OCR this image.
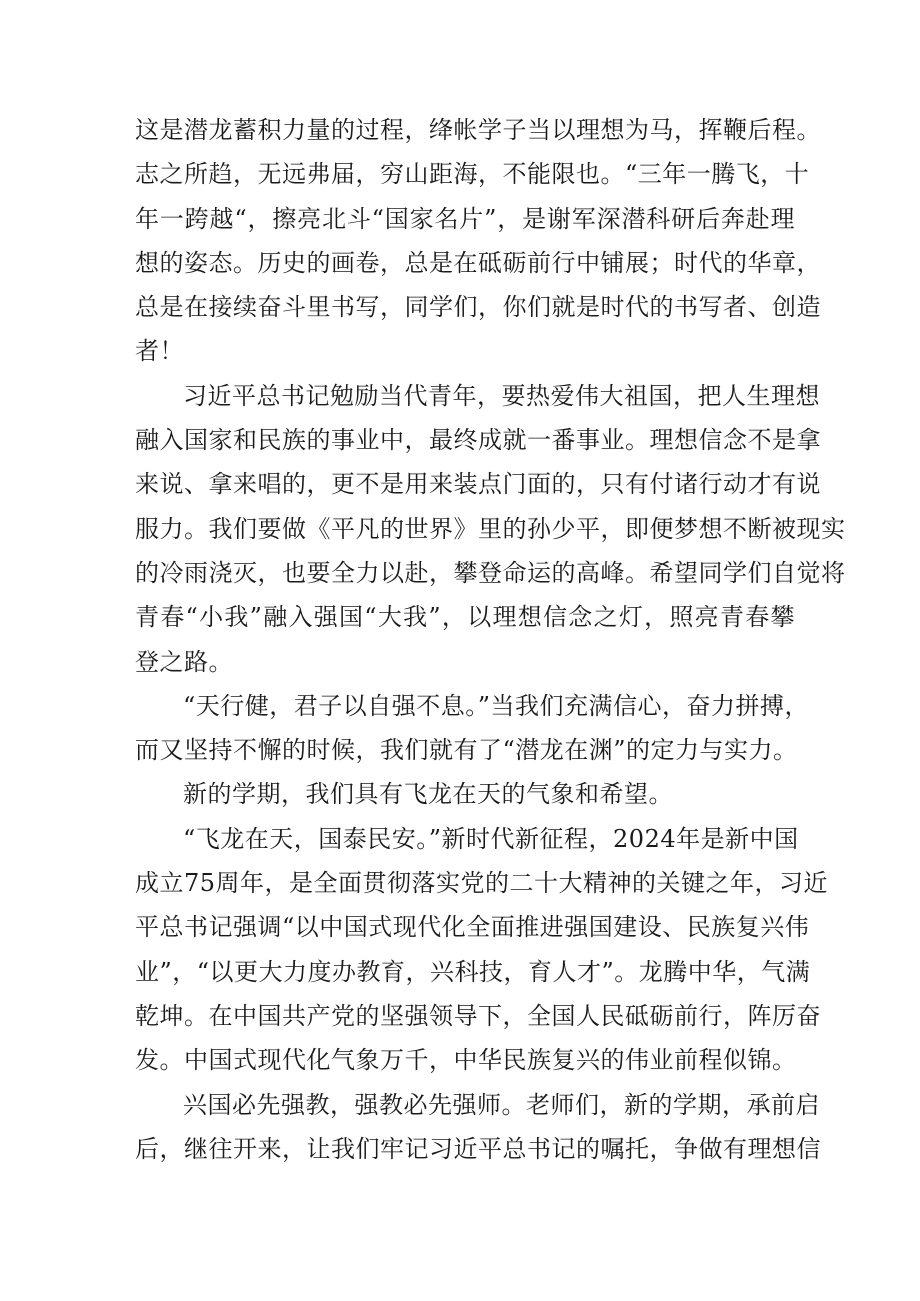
这是潜龙蓄积力量的过程，绛帐学子当以理想为马，挥鞭后程。
志之所趋，无远弗届，穷山距海，不能限也。“三年一腾飞，十
年一跨越“，擦亮北斗“国家名片”，是谢军深潜科研后奔赴理
想的姿态。历史的画卷，总是在砥砺前行中铺展；时代的华章，
总是在接续奋斗里书写，同学们，你们就是时代的书写者、创造
者！
习近平总书记勉励当代青年，要热爱伟大祖国，把人生理想
融入国家和民族的事业中，最终成就一番事业。理想信念不是拿
来说、拿来唱的，更不是用来装点门面的，只有付诸行动才有说
服力。我们要做《平凡的世界》里的孙少平，即便梦想不断被现实
的冷雨浇灭，也要全力以赴，攀登命运的高峰。希望同学们自觉将
青春“小我”融入强国“大我”，以理想信念之灯，照亮青春攀
登之路。
“天行健，君子以自强不息。”当我们充满信心，奋力拼搏，
而又坚持不懈的时候，我们就有了“潜龙在渊”的定力与实力。
新的学期，我们具有飞龙在天的气象和希望。
“飞龙在天，国泰民安。”新时代新征程，2024年是新中国
成立75周年，是全面贯彻落实党的二十大精神的关键之年，习近
平总书记强调“以中国式现代化全面推进强国建设、民族复兴伟
业”，“以更大力度办教育，兴科技，育人才”。龙腾中华，气满
乾坤。在中国共产党的坚强领导下，全国人民砥砺前行，阵厉奋
发。中国式现代化气象万千，中华民族复兴的伟业前程似锦。
兴国必先强教，强教必先强师。老师们，新的学期，承前启
后，继往开来，让我们牢记习近平总书记的嘱托，争做有理想信
